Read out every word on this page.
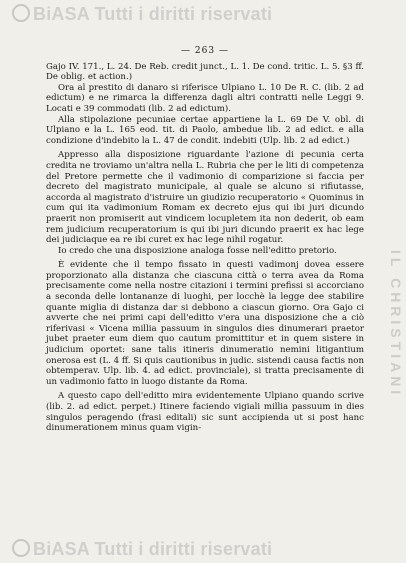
BiASA Tutti i diritti riservati
IL CHRISTIANI
— 263 —

Gajo IV. 171., L. 24. De Reb. credit junct., L. 1. De cond. tritic. L. 5. §3 ff. De oblig. et action.)

Ora al prestito di danaro si riferisce Ulpiano L. 10 De R. C. (lib. 2 ad edictum) e ne rimarca la differenza dagli altri contratti nelle Leggi 9. Locati e 39 commodati (lib. 2 ad edictum).

Alla stipolazione pecuniae certae appartiene la L. 69 De V. obl. di Ulpiano e la L. 165 eod. tit. di Paolo, ambedue lib. 2 ad edict. e alla condizione d'indebito la L. 47 de condit. indebiti (Ulp. lib. 2 ad edict.)

Appresso alla disposizione riguardante l'azione di pecunia certa credita ne troviamo un'altra nella L. Rubria che per le liti di competenza del Pretore permette che il vadimonio di comparizione si faccia per decreto del magistrato municipale, al quale se alcuno si rifiutasse, accorda al magistrato d'istruire un giudizio recuperatorio « Quominus in cum qui ita vadimonium Romam ex decreto ejus qui ibi juri dicundo praerit non promiserit aut vindicem locupletem ita non dederit, ob eam rem judicium recuperatorium is qui ibi juri dicundo praerit ex hac lege dei judiciaque ea re ibi curet ex hac lege nihil rogatur.

Io credo che una disposizione analoga fosse nell'editto pretorio.

È evidente che il tempo fissato in questi vadimonj dovea essere proporzionato alla distanza che ciascuna città o terra avea da Roma precisamente come nella nostre citazioni i termini prefissi si accorciano a seconda delle lontananze di luoghi, per locchè la legge dee stabilire quante miglia di distanza dar si debbono a ciascun giorno. Ora Gajo ci avverte che nei primi capi dell'editto v'era una disposizione che a ciò riferivasi « Vicena millia passuum in singulos dies dinumerari praetor jubet praeter eum diem quo cautum promittitur et in quem sistere in judicium oportet: sane talis itineris dinumeratio nemini litigantium onerosa est (L. 4 ff. Si quis cautionibus in judic. sistendi causa factis non obtemperav. Ulp. lib. 4. ad edict. provinciale), si tratta precisamente di un vadimonio fatto in luogo distante da Roma.

A questo capo dell'editto mira evidentemente Ulpiano quando scrive (lib. 2. ad edict. perpet.) Itinere faciendo vigiali millia passuum in dies singulos peragendo (frasi editali) sic sunt accipienda ut si post hanc dinumerationem minus quam vigin-

BiASA Tutti i diritti riservati
